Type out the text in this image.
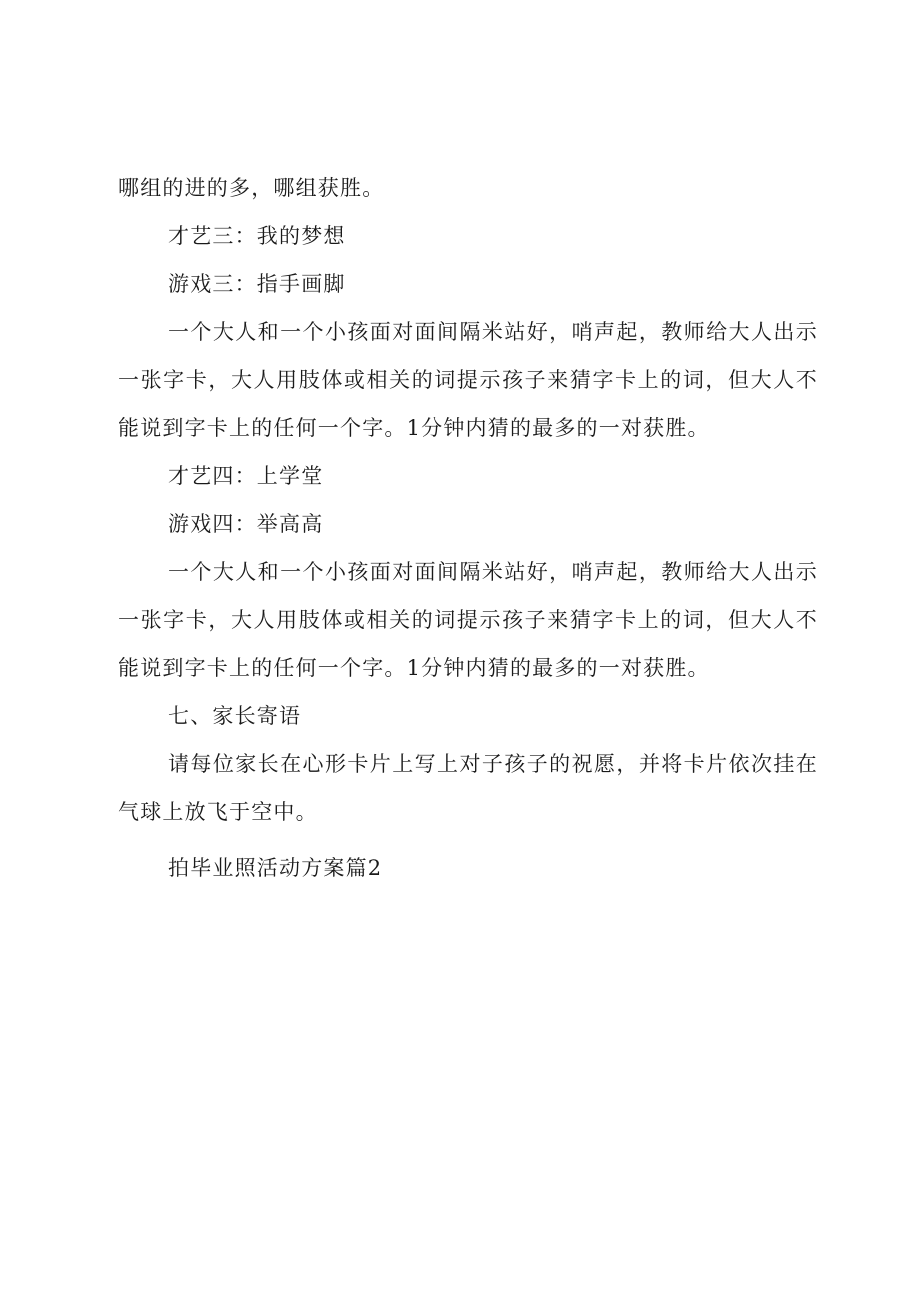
哪组的进的多，哪组获胜。

才艺三：我的梦想

游戏三：指手画脚

一个大人和一个小孩面对面间隔米站好，哨声起，教师给大人出示一张字卡，大人用肢体或相关的词提示孩子来猜字卡上的词，但大人不能说到字卡上的任何一个字。1分钟内猜的最多的一对获胜。

才艺四：上学堂

游戏四：举高高

一个大人和一个小孩面对面间隔米站好，哨声起，教师给大人出示一张字卡，大人用肢体或相关的词提示孩子来猜字卡上的词，但大人不能说到字卡上的任何一个字。1分钟内猜的最多的一对获胜。

七、家长寄语

请每位家长在心形卡片上写上对子孩子的祝愿，并将卡片依次挂在气球上放飞于空中。

拍毕业照活动方案篇2
